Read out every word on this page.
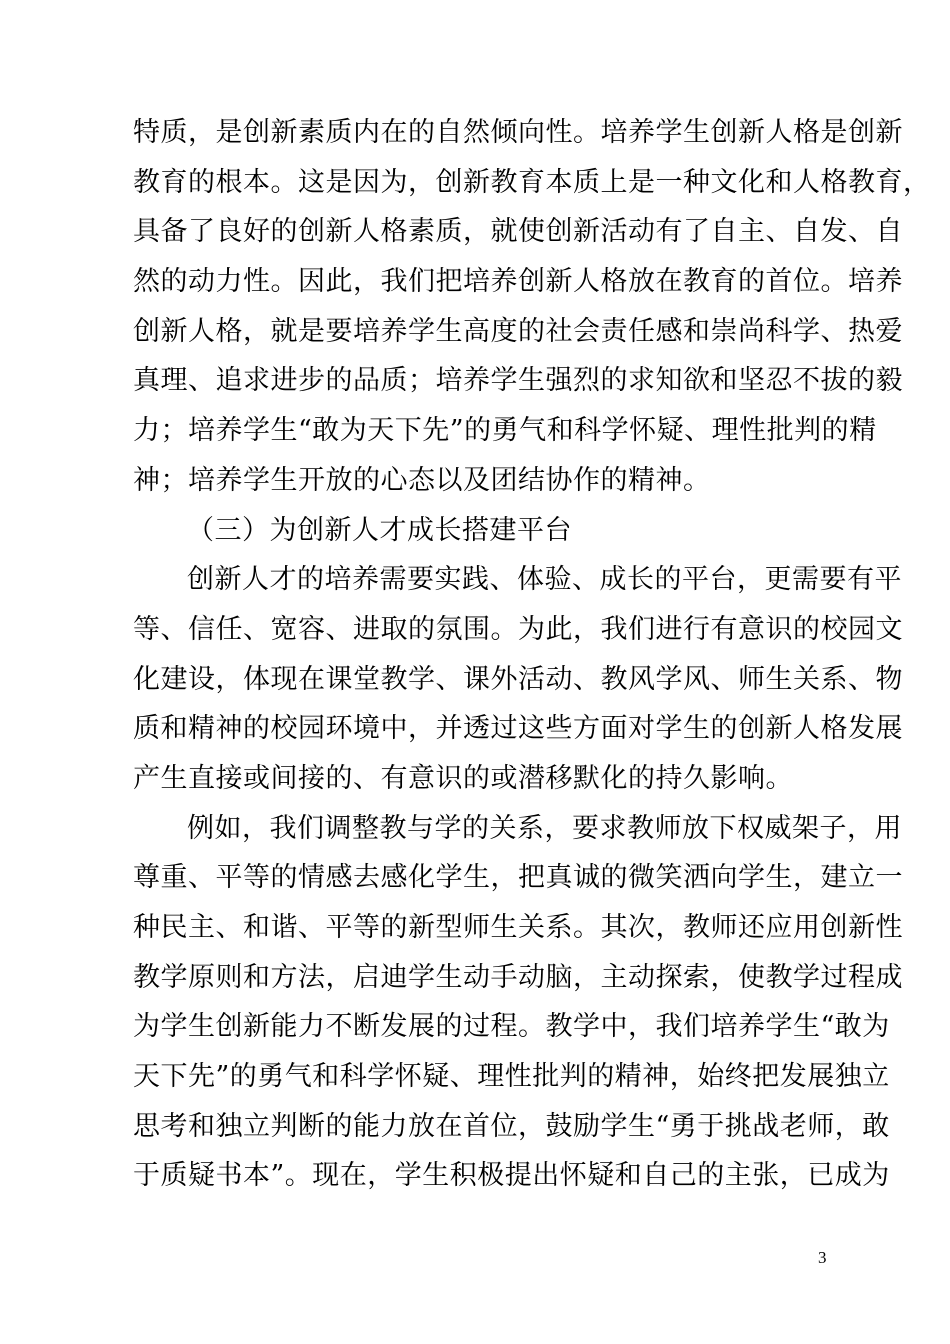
特质，是创新素质内在的自然倾向性。培养学生创新人格是创新
教育的根本。这是因为，创新教育本质上是一种文化和人格教育，
具备了良好的创新人格素质，就使创新活动有了自主、自发、自
然的动力性。因此，我们把培养创新人格放在教育的首位。培养
创新人格，就是要培养学生高度的社会责任感和崇尚科学、热爱
真理、追求进步的品质；培养学生强烈的求知欲和坚忍不拔的毅
力；培养学生“敢为天下先”的勇气和科学怀疑、理性批判的精
神；培养学生开放的心态以及团结协作的精神。
（三）为创新人才成长搭建平台
创新人才的培养需要实践、体验、成长的平台，更需要有平
等、信任、宽容、进取的氛围。为此，我们进行有意识的校园文
化建设，体现在课堂教学、课外活动、教风学风、师生关系、物
质和精神的校园环境中，并透过这些方面对学生的创新人格发展
产生直接或间接的、有意识的或潜移默化的持久影响。
例如，我们调整教与学的关系，要求教师放下权威架子，用
尊重、平等的情感去感化学生，把真诚的微笑洒向学生，建立一
种民主、和谐、平等的新型师生关系。其次，教师还应用创新性
教学原则和方法，启迪学生动手动脑，主动探索，使教学过程成
为学生创新能力不断发展的过程。教学中，我们培养学生“敢为
天下先”的勇气和科学怀疑、理性批判的精神，始终把发展独立
思考和独立判断的能力放在首位，鼓励学生“勇于挑战老师，敢
于质疑书本”。现在，学生积极提出怀疑和自己的主张，已成为
3
